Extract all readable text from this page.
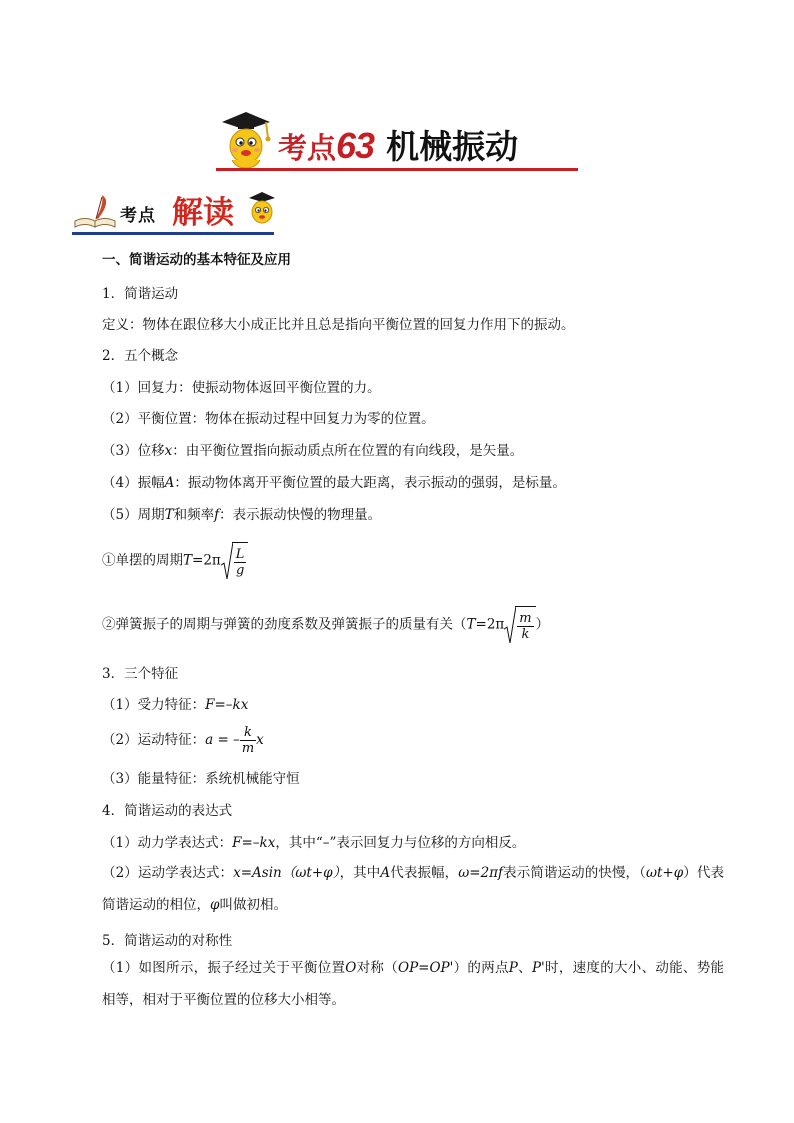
考点63 机械振动
考点 解读
一、简谐运动的基本特征及应用
1．简谐运动
定义：物体在跟位移大小成正比并且总是指向平衡位置的回复力作用下的振动。
2．五个概念
（1）回复力：使振动物体返回平衡位置的力。
（2）平衡位置：物体在振动过程中回复力为零的位置。
（3）位移x：由平衡位置指向振动质点所在位置的有向线段，是矢量。
（4）振幅A：振动物体离开平衡位置的最大距离，表示振动的强弱，是标量。
（5）周期T和频率f：表示振动快慢的物理量。
①单摆的周期$T=2\pi \frac{L}{g}$
②弹簧振子的周期与弹簧的劲度系数及弹簧振子的质量有关（$T=2\pi \frac{m}{k}$ ）
3．三个特征
（1）受力特征：F=–kx
（2）运动特征：a = – $\frac{k}{m}$ x
（3）能量特征：系统机械能守恒
4．简谐运动的表达式
（1）动力学表达式：F=–kx，其中“–”表示回复力与位移的方向相反。
（2）运动学表达式：x=Asin（ωt+φ），其中A代表振幅，ω=2πf表示简谐运动的快慢，（ωt+φ）代表简谐运动的相位，φ叫做初相。
5．简谐运动的对称性
（1）如图所示，振子经过关于平衡位置O对称（OP=OP'）的两点P、P'时，速度的大小、动能、势能相等，相对于平衡位置的位移大小相等。
